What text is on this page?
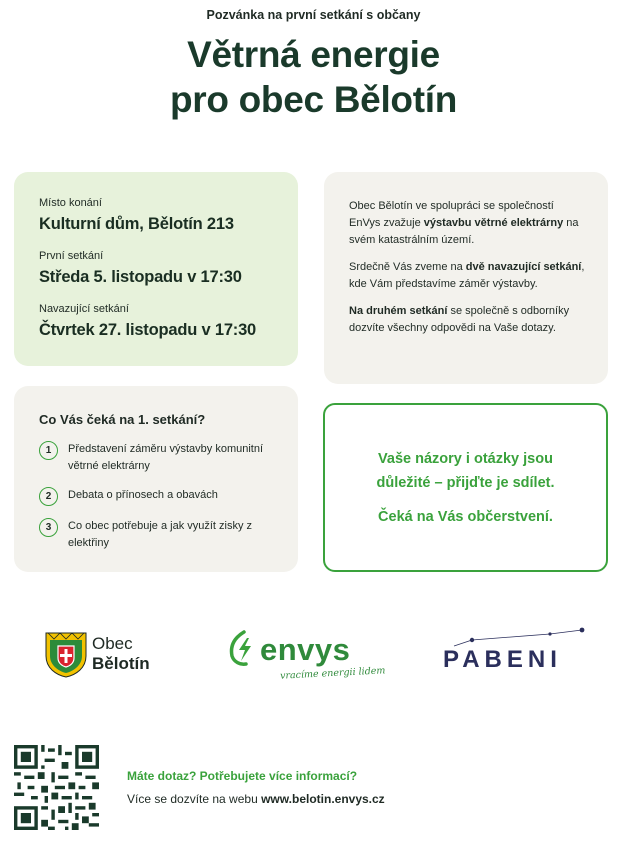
Pozvánka na první setkání s občany
Větrná energie
pro obec Bělotín
Místo konání
Kulturní dům, Bělotín 213
První setkání
Středa 5. listopadu v 17:30
Navazující setkání
Čtvrtek 27. listopadu v 17:30

Obec Bělotín ve spolupráci se společností EnVys zvažuje výstavbu větrné elektrárny na svém katastrálním území.

Srdečně Vás zveme na dvě navazující setkání, kde Vám představíme záměr výstavby.

Na druhém setkání se společně s odborníky dozvíte všechny odpovědi na Vaše dotazy.

Co Vás čeká na 1. setkání?
1	Představení záměru výstavby komunitní větrné elektrárny
2	Debata o přínosech a obavách
3	Co obec potřebuje a jak využít zisky z elektřiny
Vaše názory i otázky jsou
důležité – přijďte je sdílet.
Čeká na Vás občerstvení.
Obec
Bělotín	envys
vracíme energii lidem
PABENI
Máte dotaz? Potřebujete více informací?
Více se dozvíte na webu www.belotin.envys.cz
